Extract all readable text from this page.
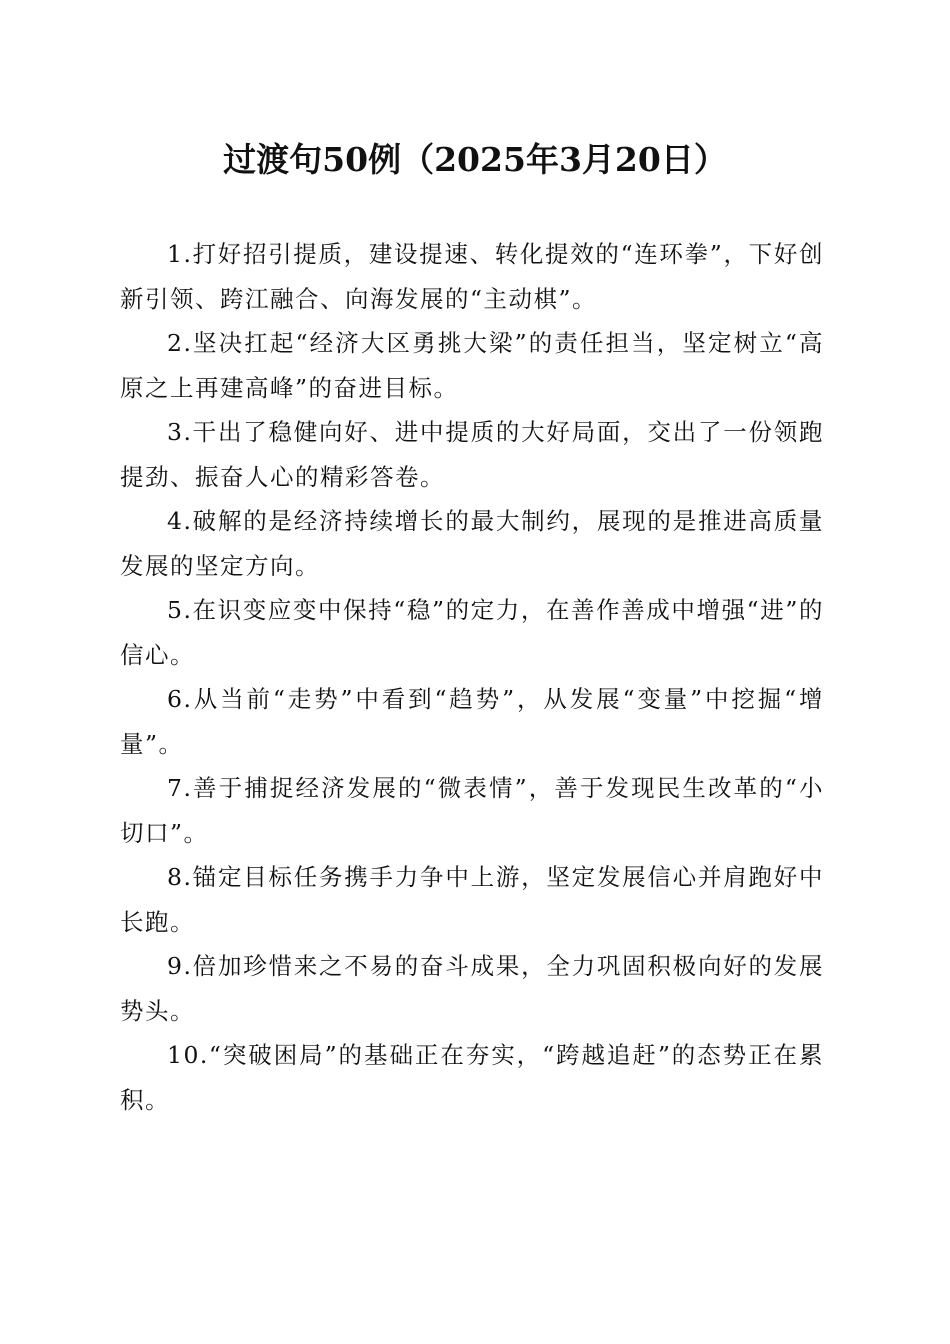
过渡句50例（2025年3月20日）

1.打好招引提质，建设提速、转化提效的“连环拳”，下好创新引领、跨江融合、向海发展的“主动棋”。

2.坚决扛起“经济大区勇挑大梁”的责任担当，坚定树立“高原之上再建高峰”的奋进目标。

3.干出了稳健向好、进中提质的大好局面，交出了一份领跑提劲、振奋人心的精彩答卷。

4.破解的是经济持续增长的最大制约，展现的是推进高质量发展的坚定方向。

5.在识变应变中保持“稳”的定力，在善作善成中增强“进”的信心。

6.从当前“走势”中看到“趋势”，从发展“变量”中挖掘“增量”。

7.善于捕捉经济发展的“微表情”，善于发现民生改革的“小切口”。

8.锚定目标任务携手力争中上游，坚定发展信心并肩跑好中长跑。

9.倍加珍惜来之不易的奋斗成果，全力巩固积极向好的发展势头。

10.“突破困局”的基础正在夯实，“跨越追赶”的态势正在累积。
